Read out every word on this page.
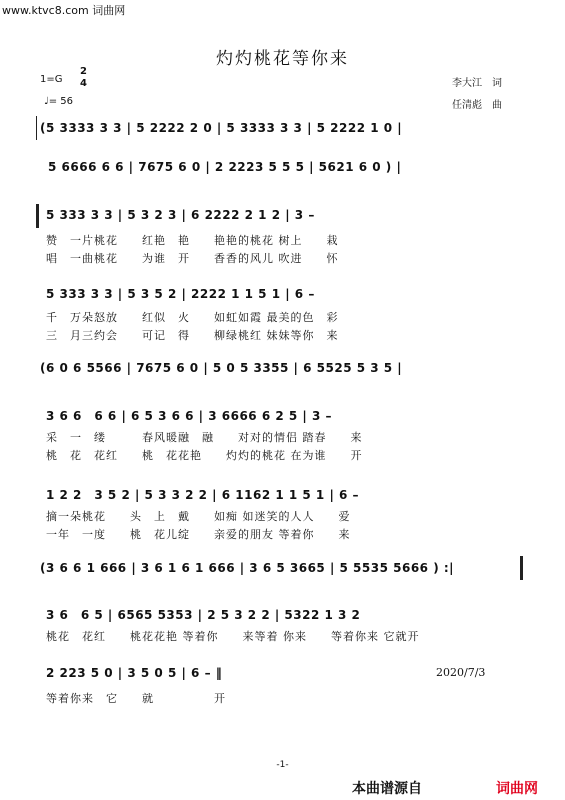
www.ktvc8.com 词曲网
灼灼桃花等你来
1=G
2
4
♩= 56
李大江　词
任清彪　曲
(5 3333 3 3 | 5 2222 2 0 | 5 3333 3 3 | 5 2222 1 0 |
5 6666 6 6 | 7675 6 0 | 2 2223 5 5 5 | 5621 6 0 ) |
5 333 3 3 | 5 3 2 3 | 6 2222 2 1 2 | 3 –
赞　一片桃花　　红艳　艳　　艳艳的桃花 树上　　栽
唱　一曲桃花　　为谁　开　　香香的风儿 吹进　　怀
5 333 3 3 | 5 3 5 2 | 2222 1 1 5 1 | 6 –
千　万朵怒放　　红似　火　　如虹如霞 最美的色　彩
三　月三约会　　可记　得　　柳绿桃红 妹妹等你　来
(6 0 6 5566 | 7675 6 0 | 5 0 5 3355 | 6 5525 5 3 5 |
3 6 6　6 6 | 6 5 3 6 6 | 3 6666 6 2 5 | 3 –
采　一　缕　　　春风暖融　融　　对对的情侣 踏春　　来
桃　花　花红　　桃　花花艳　　灼灼的桃花 在为谁　　开
1 2 2　3 5 2 | 5 3 3 2 2 | 6 1162 1 1 5 1 | 6 –
摘一朵桃花　　头　上　戴　　如痴 如迷笑的人人　　爱
一年　一度　　桃　花儿绽　　亲爱的朋友 等着你　　来
(3 6 6 1 666 | 3 6 1 6 1 666 | 3 6 5 3665 | 5 5535 5666 ) :|
3 6　6 5 | 6565 5353 | 2 5 3 2 2 | 5322 1 3 2
桃花　花红　　桃花花艳 等着你　　来等着 你来　　等着你来 它就开
2 223 5 0 | 3 5 0 5 | 6 – ‖
等着你来　它　　就　　　　　开
2020/7/3
-1-
本曲谱源自	词曲网
